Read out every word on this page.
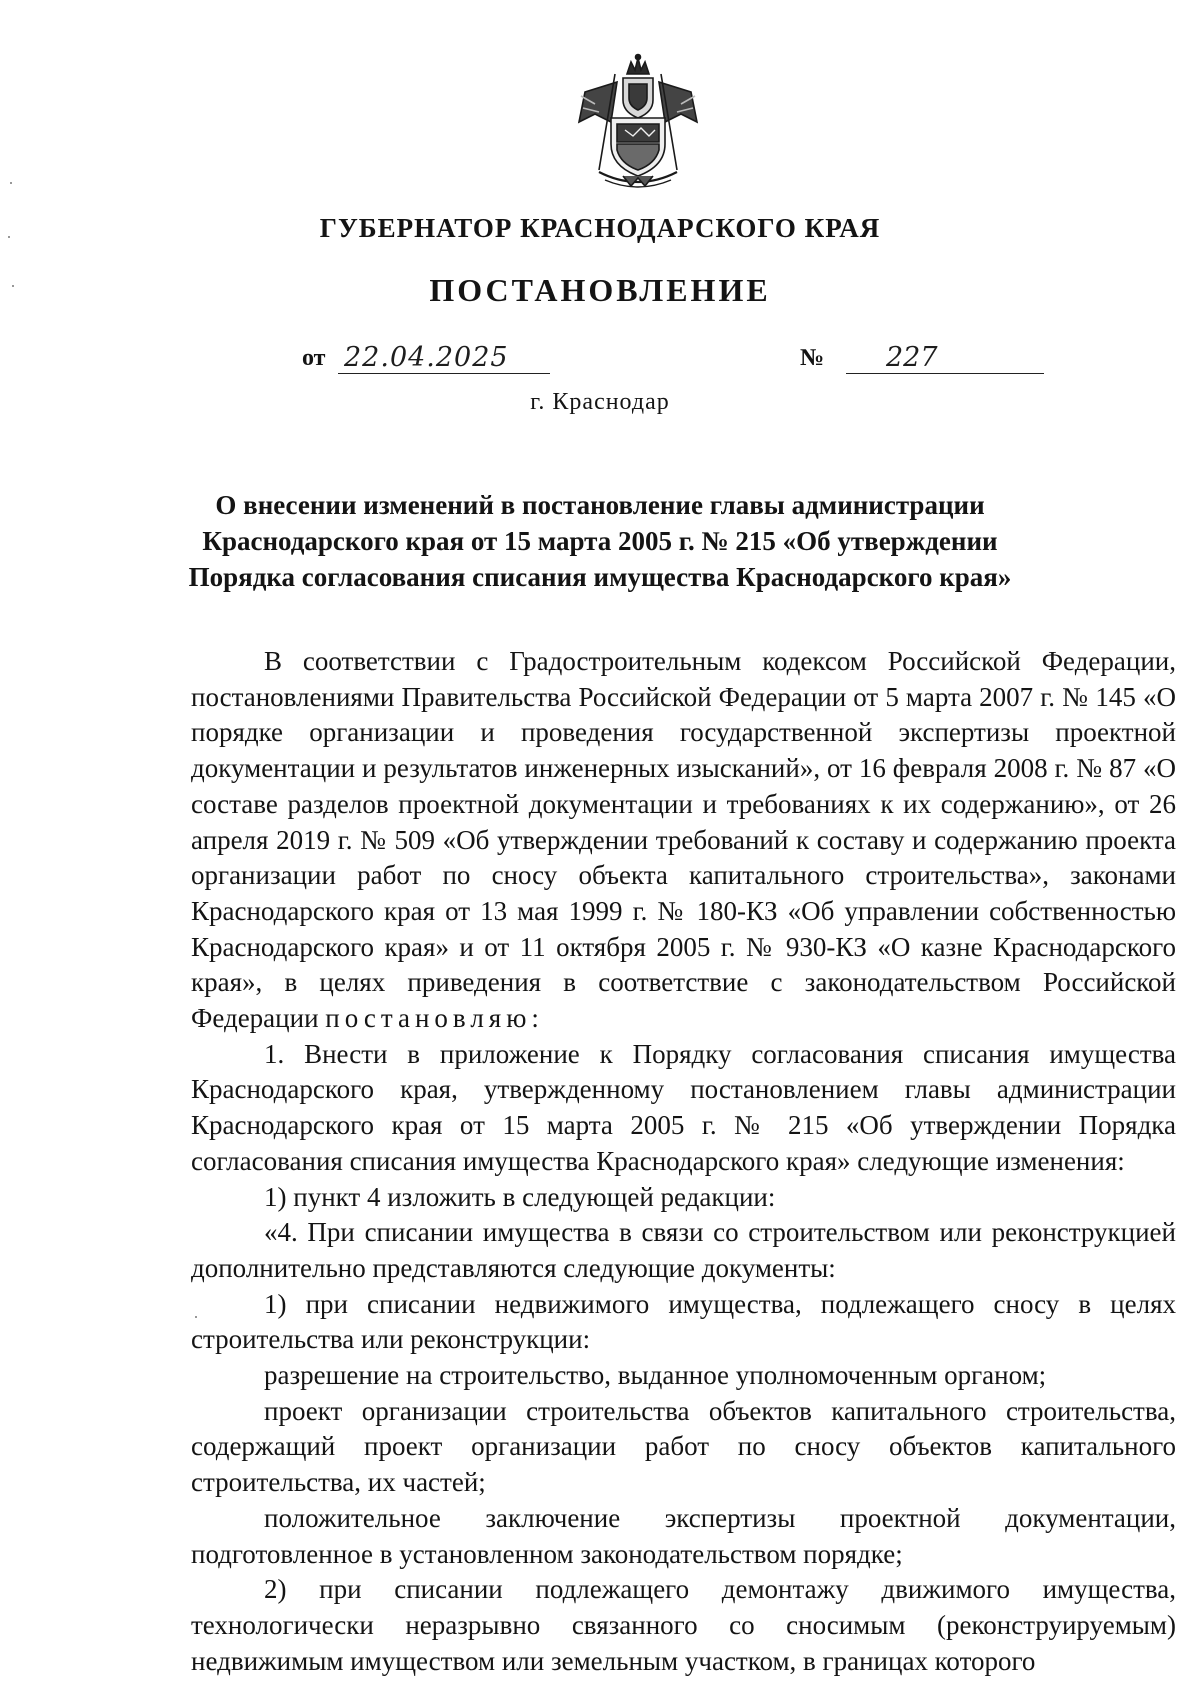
ГУБЕРНАТОР КРАСНОДАРСКОГО КРАЯ
ПОСТАНОВЛЕНИЕ
от 22.04.2025	№	227
г. Краснодар
О внесении изменений в постановление главы администрации
Краснодарского края от 15 марта 2005 г. № 215 «Об утверждении
Порядка согласования списания имущества Краснодарского края»

В соответствии с Градостроительным кодексом Российской Федерации, постановлениями Правительства Российской Федерации от 5 марта 2007 г. № 145 «О порядке организации и проведения государственной экспертизы проектной документации и результатов инженерных изысканий», от 16 февраля 2008 г. № 87 «О составе разделов проектной документации и требованиях к их содержанию», от 26 апреля 2019 г. № 509 «Об утверждении требований к составу и содержанию проекта организации работ по сносу объекта капитального строительства», законами Краснодарского края от 13 мая 1999 г. № 180-КЗ «Об управлении собственностью Краснодарского края» и от 11 октября 2005 г. № 930-КЗ «О казне Краснодарского края», в целях приведения в соответствие с законодательством Российской Федерации постановляю:

1. Внести в приложение к Порядку согласования списания имущества Краснодарского края, утвержденному постановлением главы администрации Краснодарского края от 15 марта 2005 г. № 215 «Об утверждении Порядка согласования списания имущества Краснодарского края» следующие изменения:

1) пункт 4 изложить в следующей редакции:

«4. При списании имущества в связи со строительством или реконструкцией дополнительно представляются следующие документы:

1) при списании недвижимого имущества, подлежащего сносу в целях строительства или реконструкции:

разрешение на строительство, выданное уполномоченным органом;

проект организации строительства объектов капитального строительства, содержащий проект организации работ по сносу объектов капитального строительства, их частей;

положительное заключение экспертизы проектной документации, подготовленное в установленном законодательством порядке;

2) при списании подлежащего демонтажу движимого имущества, технологически неразрывно связанного со сносимым (реконструируемым) недвижимым имуществом или земельным участком, в границах которого
